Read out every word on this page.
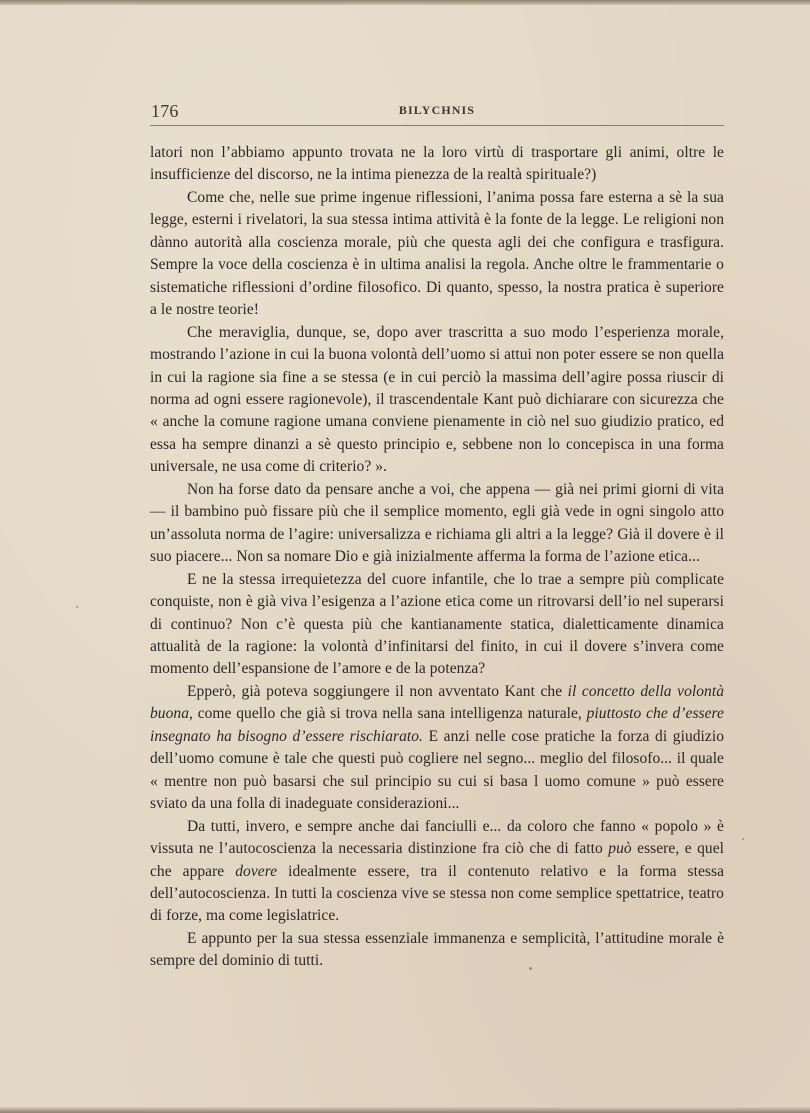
176	BILYCHNIS

latori non l’abbiamo appunto trovata ne la loro virtù di trasportare gli animi, oltre le insufficienze del discorso, ne la intima pienezza de la realtà spirituale?)

Come che, nelle sue prime ingenue riflessioni, l’anima possa fare esterna a sè la sua legge, esterni i rivelatori, la sua stessa intima attività è la fonte de la legge. Le religioni non dànno autorità alla coscienza morale, più che questa agli dei che configura e trasfigura. Sempre la voce della coscienza è in ultima analisi la regola. Anche oltre le frammentarie o sistematiche riflessioni d’ordine filosofico. Di quanto, spesso, la nostra pratica è superiore a le nostre teorie!

Che meraviglia, dunque, se, dopo aver trascritta a suo modo l’esperienza morale, mostrando l’azione in cui la buona volontà dell’uomo si attui non poter essere se non quella in cui la ragione sia fine a se stessa (e in cui perciò la massima dell’agire possa riuscir di norma ad ogni essere ragionevole), il trascendentale Kant può dichiarare con sicurezza che « anche la comune ragione umana conviene pienamente in ciò nel suo giudizio pratico, ed essa ha sempre dinanzi a sè questo principio e, sebbene non lo concepisca in una forma universale, ne usa come di criterio? ».

Non ha forse dato da pensare anche a voi, che appena — già nei primi giorni di vita — il bambino può fissare più che il semplice momento, egli già vede in ogni singolo atto un’assoluta norma de l’agire: universalizza e richiama gli altri a la legge? Già il dovere è il suo piacere... Non sa nomare Dio e già inizialmente afferma la forma de l’azione etica...

E ne la stessa irrequietezza del cuore infantile, che lo trae a sempre più complicate conquiste, non è già viva l’esigenza a l’azione etica come un ritrovarsi dell’io nel superarsi di continuo? Non c’è questa più che kantianamente statica, dialetticamente dinamica attualità de la ragione: la volontà d’infinitarsi del finito, in cui il dovere s’invera come momento dell’espansione de l’amore e de la potenza?

Epperò, già poteva soggiungere il non avventato Kant che il concetto della volontà buona, come quello che già si trova nella sana intelligenza naturale, piuttosto che d’essere insegnato ha bisogno d’essere rischiarato. E anzi nelle cose pratiche la forza di giudizio dell’uomo comune è tale che questi può cogliere nel segno... meglio del filosofo... il quale « mentre non può basarsi che sul principio su cui si basa l uomo comune » può essere sviato da una folla di inadeguate considerazioni...

Da tutti, invero, e sempre anche dai fanciulli e... da coloro che fanno « popolo » è vissuta ne l’autocoscienza la necessaria distinzione fra ciò che di fatto può essere, e quel che appare dovere idealmente essere, tra il contenuto relativo e la forma stessa dell’autocoscienza. In tutti la coscienza vive se stessa non come semplice spettatrice, teatro di forze, ma come legislatrice.

E appunto per la sua stessa essenziale immanenza e semplicità, l’attitudine morale è sempre del dominio di tutti.
